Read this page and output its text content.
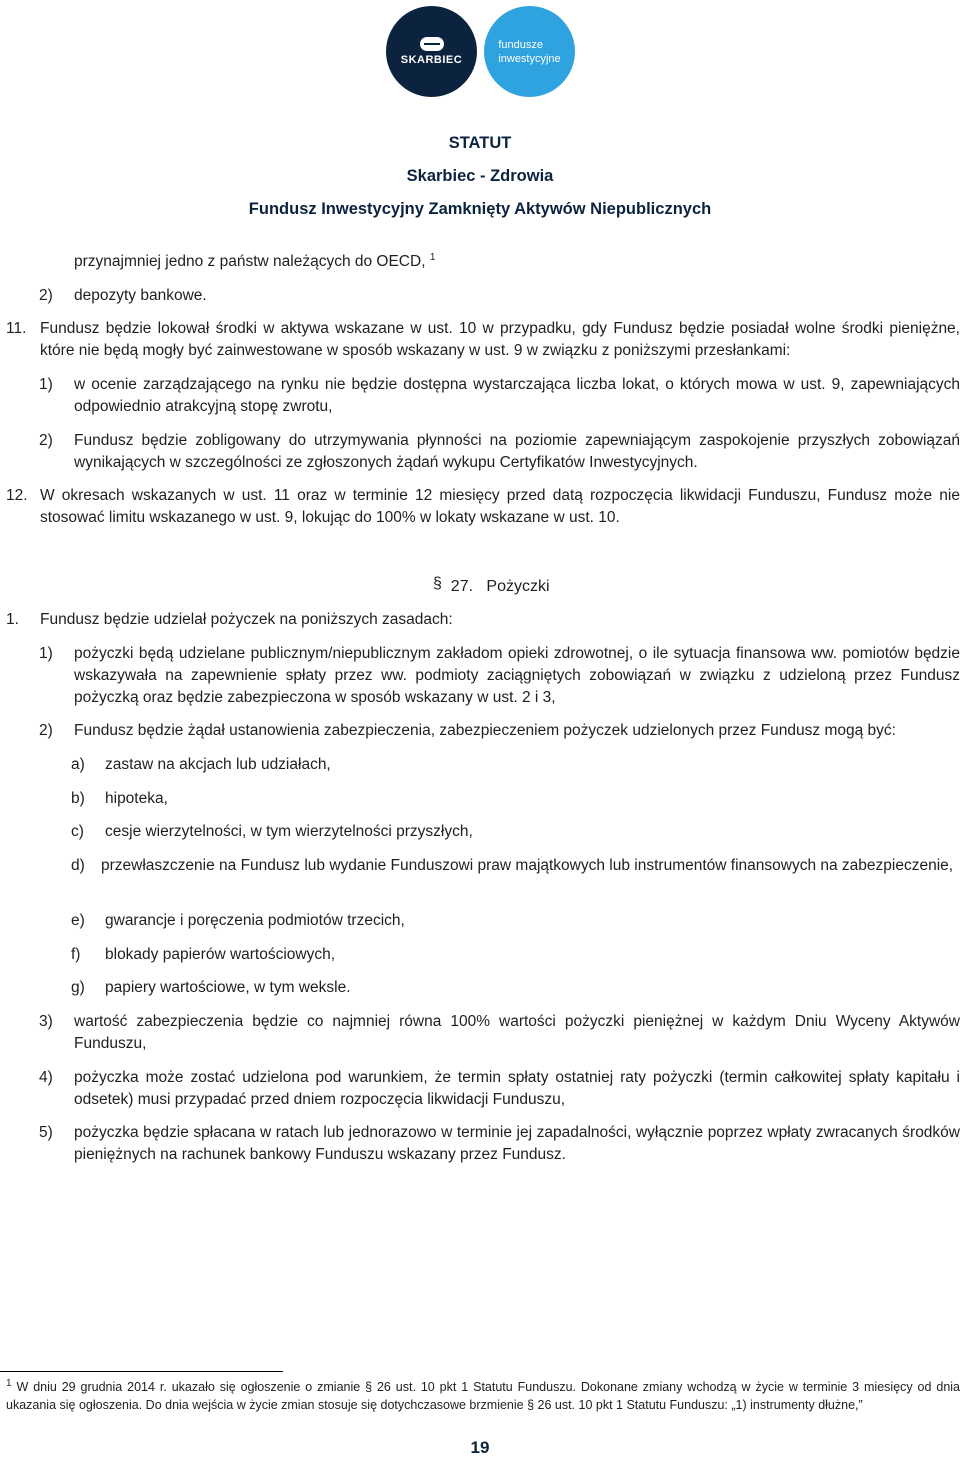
SKARBIEC
fundusze
inwestycyjne
STATUT
Skarbiec - Zdrowia
Fundusz Inwestycyjny Zamknięty Aktywów Niepublicznych
przynajmniej jedno z państw należących do OECD, $^1$
2) depozyty bankowe.
11. Fundusz będzie lokował środki w aktywa wskazane w ust. 10 w przypadku, gdy Fundusz będzie posiadał wolne środki pieniężne, które nie będą mogły być zainwestowane w sposób wskazany w ust. 9 w związku z poniższymi przesłankami:
1) w ocenie zarządzającego na rynku nie będzie dostępna wystarczająca liczba lokat, o których mowa w ust. 9, zapewniających odpowiednio atrakcyjną stopę zwrotu,
2) Fundusz będzie zobligowany do utrzymywania płynności na poziomie zapewniającym zaspokojenie przyszłych zobowiązań wynikających w szczególności ze zgłoszonych żądań wykupu Certyfikatów Inwestycyjnych.
12. W okresach wskazanych w ust. 11 oraz w terminie 12 miesięcy przed datą rozpoczęcia likwidacji Funduszu, Fundusz może nie stosować limitu wskazanego w ust. 9, lokując do 100% w lokaty wskazane w ust. 10.
§ 27. Pożyczki
1. Fundusz będzie udzielał pożyczek na poniższych zasadach:
1) pożyczki będą udzielane publicznym/niepublicznym zakładom opieki zdrowotnej, o ile sytuacja finansowa ww. pomiotów będzie wskazywała na zapewnienie spłaty przez ww. podmioty zaciągniętych zobowiązań w związku z udzieloną przez Fundusz pożyczką oraz będzie zabezpieczona w sposób wskazany w ust. 2 i 3,
2) Fundusz będzie żądał ustanowienia zabezpieczenia, zabezpieczeniem pożyczek udzielonych przez Fundusz mogą być:
a) zastaw na akcjach lub udziałach,
b) hipoteka,
c) cesje wierzytelności, w tym wierzytelności przyszłych,
d) przewłaszczenie na Fundusz lub wydanie Funduszowi praw majątkowych lub instrumentów finansowych na zabezpieczenie,
e) gwarancje i poręczenia podmiotów trzecich,
f) blokady papierów wartościowych,
g) papiery wartościowe, w tym weksle.
3) wartość zabezpieczenia będzie co najmniej równa 100% wartości pożyczki pieniężnej w każdym Dniu Wyceny Aktywów Funduszu,
4) pożyczka może zostać udzielona pod warunkiem, że termin spłaty ostatniej raty pożyczki (termin całkowitej spłaty kapitału i odsetek) musi przypadać przed dniem rozpoczęcia likwidacji Funduszu,
5) pożyczka będzie spłacana w ratach lub jednorazowo w terminie jej zapadalności, wyłącznie poprzez wpłaty zwracanych środków pieniężnych na rachunek bankowy Funduszu wskazany przez Fundusz.
$^1$ W dniu 29 grudnia 2014 r. ukazało się ogłoszenie o zmianie § 26 ust. 10 pkt 1 Statutu Funduszu. Dokonane zmiany wchodzą w życie w terminie 3 miesięcy od dnia ukazania się ogłoszenia. Do dnia wejścia w życie zmian stosuje się dotychczasowe brzmienie § 26 ust. 10 pkt 1 Statutu Funduszu: „1) instrumenty dłużne,”
19
